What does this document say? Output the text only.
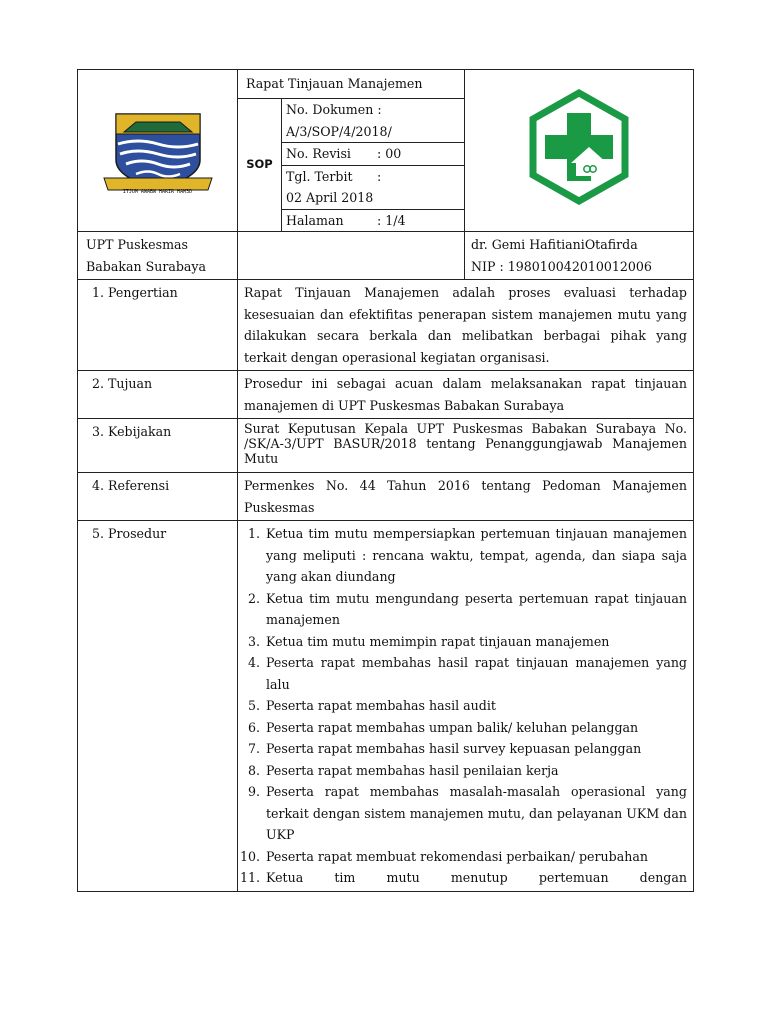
ITJUM AWABW HARIR HAM3D
	Rapat Tinjauan Manajemen	
SOP	
No. Dokumen :
A/3/SOP/4/2018/
No. Revisi	: 00
Tgl. Terbit	:
02 April 2018
Halaman	: 1/4

UPT Puskesmas
Babakan Surabaya

dr. Gemi HafitianiOtafirda
NIP : 198010042010012006

1. Pengertian	Rapat Tinjauan Manajemen adalah proses evaluasi terhadap kesesuaian dan efektifitas penerapan sistem manajemen mutu yang dilakukan secara berkala dan melibatkan berbagai pihak yang terkait dengan operasional kegiatan organisasi.
2. Tujuan	Prosedur ini sebagai acuan dalam melaksanakan rapat tinjauan manajemen di UPT Puskesmas Babakan Surabaya
3. Kebijakan	Surat Keputusan Kepala UPT Puskesmas Babakan Surabaya No.        /SK/A-3/UPT BASUR/2018 tentang Penanggungjawab Manajemen Mutu
4. Referensi	Permenkes No. 44 Tahun 2016 tentang Pedoman Manajemen Puskesmas
5. Prosedur	1. Ketua tim mutu mempersiapkan pertemuan tinjauan manajemen yang meliputi : rencana waktu, tempat, agenda, dan siapa saja yang akan diundang
2. Ketua tim mutu mengundang peserta pertemuan rapat tinjauan manajemen
3. Ketua tim mutu memimpin rapat tinjauan manajemen
4. Peserta rapat membahas hasil rapat tinjauan manajemen yang lalu
5. Peserta rapat membahas hasil audit
6. Peserta rapat membahas umpan balik/ keluhan pelanggan
7. Peserta rapat membahas hasil survey kepuasan pelanggan
8. Peserta rapat membahas hasil penilaian kerja
9. Peserta rapat membahas masalah-masalah operasional yang terkait dengan sistem manajemen mutu, dan pelayanan UKM dan UKP
10. Peserta rapat membuat rekomendasi perbaikan/ perubahan
11. Ketua tim mutu menutup pertemuan dengan
